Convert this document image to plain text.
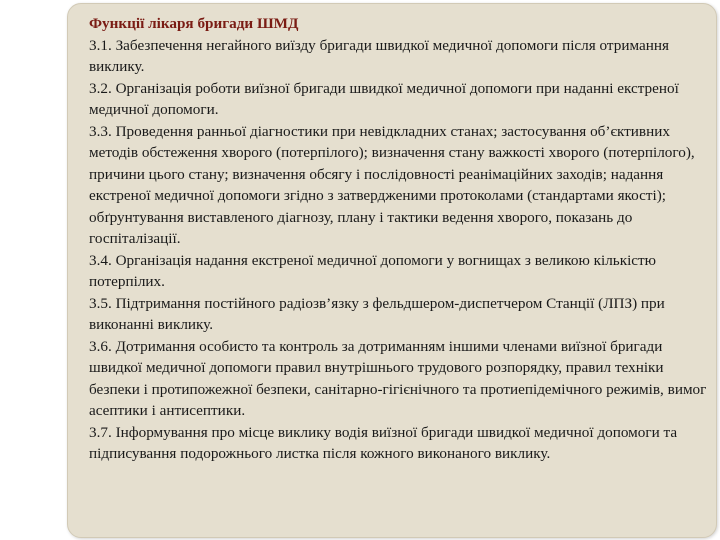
Функції лікаря бригади ШМД

3.1. Забезпечення негайного виїзду бригади швидкої медичної допомоги після отримання виклику.

3.2. Організація роботи виїзної бригади швидкої медичної допомоги при наданні екстреної медичної допомоги.

3.3. Проведення ранньої діагностики при невідкладних станах; застосування об’єктивних методів обстеження хворого (потерпілого); визначення стану важкості хворого (потерпілого), причини цього стану; визначення обсягу і послідовності реанімаційних заходів; надання екстреної медичної допомоги згідно з затвердженими протоколами (стандартами якості); обґрунтування виставленого діагнозу, плану і тактики ведення хворого, показань до госпіталізації.

3.4. Організація надання екстреної медичної допомоги у вогнищах з великою кількістю потерпілих.

3.5. Підтримання постійного радіозв’язку з фельдшером-диспетчером Станції (ЛПЗ) при виконанні виклику.

3.6. Дотримання особисто та контроль за дотриманням іншими членами виїзної бригади швидкої медичної допомоги правил внутрішнього трудового розпорядку, правил техніки безпеки і протипожежної безпеки, санітарно-гігієнічного та протиепідемічного режимів, вимог асептики і антисептики.

3.7. Інформування про місце виклику водія виїзної бригади швидкої медичної допомоги та підписування подорожнього листка після кожного виконаного виклику.
